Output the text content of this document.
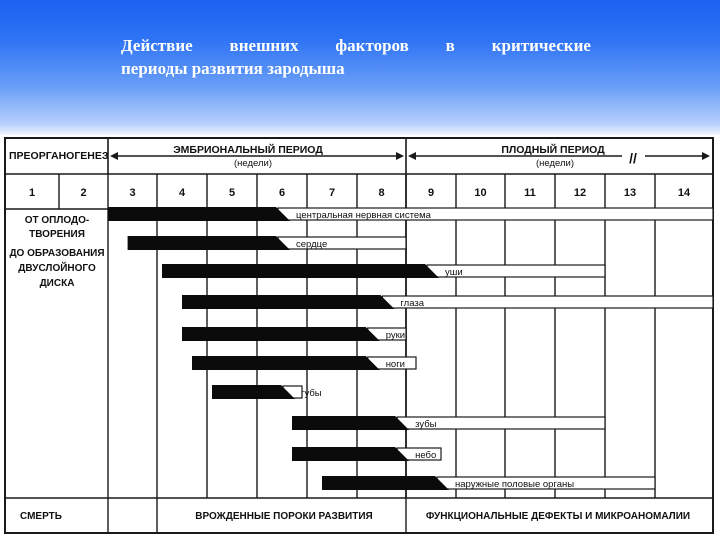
Действие внешних факторов в критические
периоды развития зародыша
центральная нервная система
сердце
уши
глаза
руки
ноги
губы
зубы
небо
наружные половые органы
ПРЕОРГАНОГЕНЕЗ	ЭМБРИОНАЛЬНЫЙ ПЕРИОД
(недели)
ПЛОДНЫЙ ПЕРИОД
(недели)	//
ОТ ОПЛОДО-
ТВОРЕНИЯ
ДО ОБРАЗОВАНИЯ
ДВУСЛОЙНОГО
ДИСКА
СМЕРТЬ	ВРОЖДЕННЫЕ ПОРОКИ РАЗВИТИЯ	ФУНКЦИОНАЛЬНЫЕ ДЕФЕКТЫ И МИКРОАНОМАЛИИ
1	2	3	4	5	6	7	8	9	10	11	12	13	14
